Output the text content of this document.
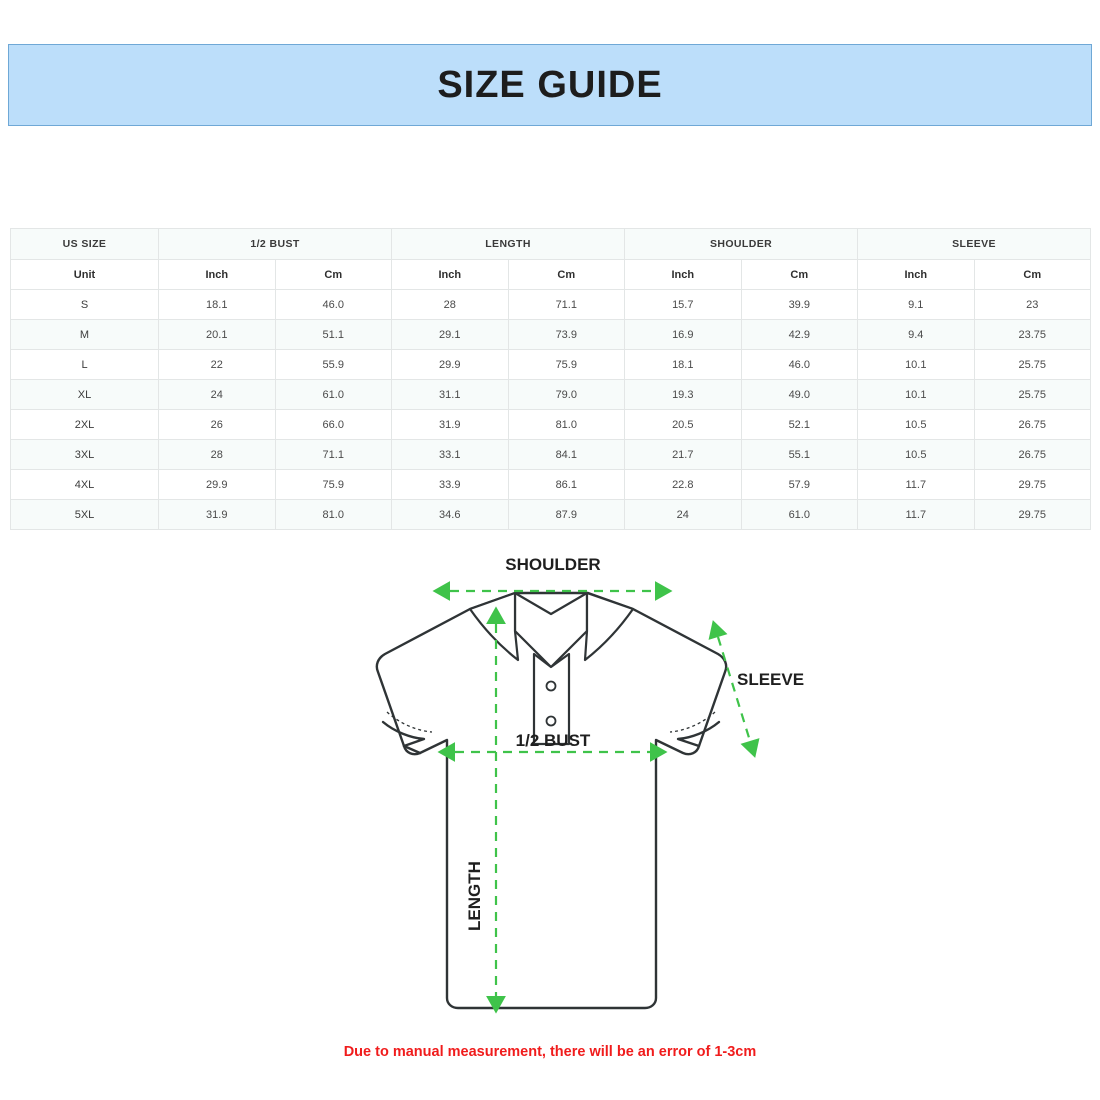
SIZE GUIDE
US SIZE	1/2 BUST		LENGTH		SHOULDER		SLEEVE	
Unit	Inch	Cm	Inch	Cm	Inch	Cm	Inch	Cm
S	18.1	46.0	28	71.1	15.7	39.9	9.1	23
M	20.1	51.1	29.1	73.9	16.9	42.9	9.4	23.75
L	22	55.9	29.9	75.9	18.1	46.0	10.1	25.75
XL	24	61.0	31.1	79.0	19.3	49.0	10.1	25.75
2XL	26	66.0	31.9	81.0	20.5	52.1	10.5	26.75
3XL	28	71.1	33.1	84.1	21.7	55.1	10.5	26.75
4XL	29.9	75.9	33.9	86.1	22.8	57.9	11.7	29.75
5XL	31.9	81.0	34.6	87.9	24	61.0	11.7	29.75
SHOULDER
SLEEVE
1/2 BUST
LENGTH
Due to manual measurement, there will be an error of 1-3cm
